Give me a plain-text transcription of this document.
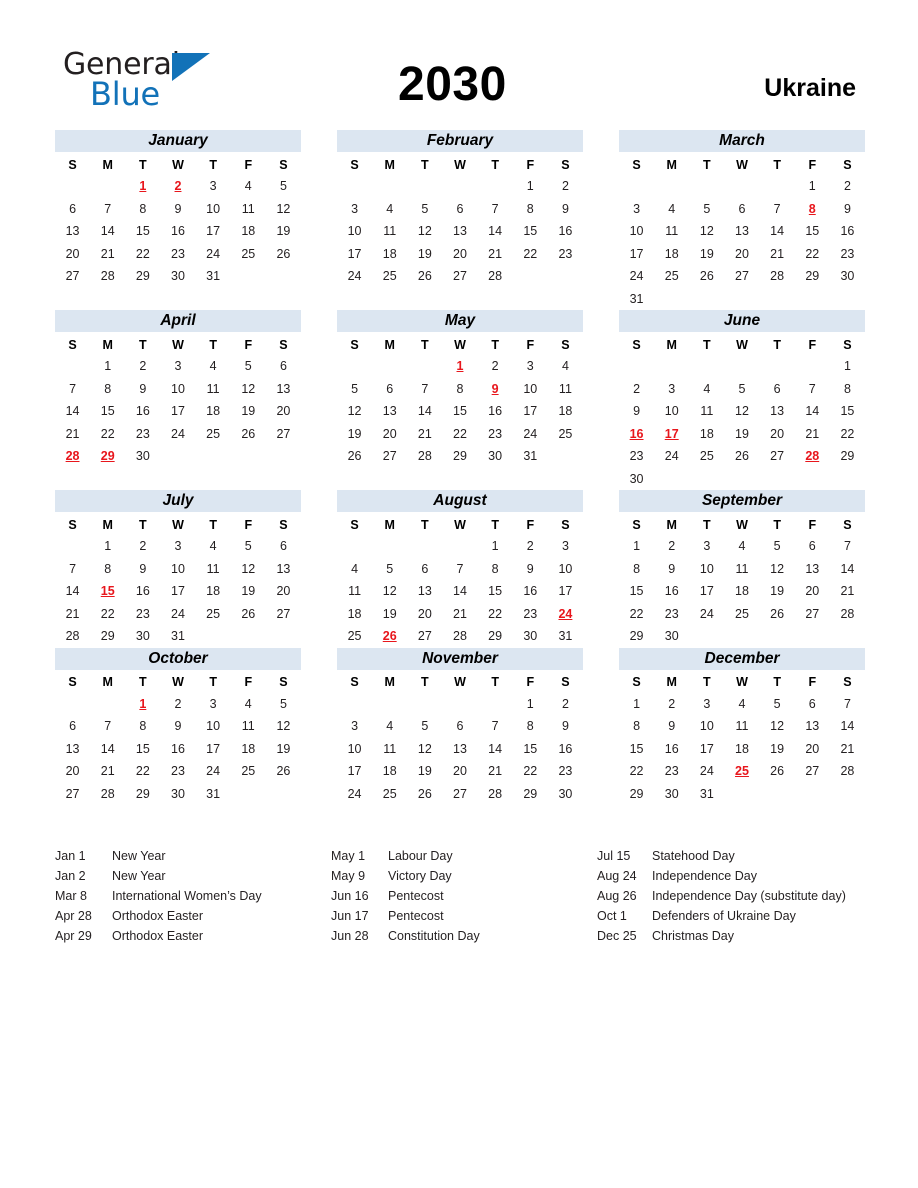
General
Blue	2030	Ukraine
January
S	M	T	W	T	F	S
		1	2	3	4	5
6	7	8	9	10	11	12
13	14	15	16	17	18	19
20	21	22	23	24	25	26
27	28	29	30	31		
February
S	M	T	W	T	F	S
					1	2
3	4	5	6	7	8	9
10	11	12	13	14	15	16
17	18	19	20	21	22	23
24	25	26	27	28		
March
S	M	T	W	T	F	S
					1	2
3	4	5	6	7	8	9
10	11	12	13	14	15	16
17	18	19	20	21	22	23
24	25	26	27	28	29	30
31						
April
S	M	T	W	T	F	S
	1	2	3	4	5	6
7	8	9	10	11	12	13
14	15	16	17	18	19	20
21	22	23	24	25	26	27
28	29	30				
May
S	M	T	W	T	F	S
			1	2	3	4
5	6	7	8	9	10	11
12	13	14	15	16	17	18
19	20	21	22	23	24	25
26	27	28	29	30	31	
June
S	M	T	W	T	F	S
						1
2	3	4	5	6	7	8
9	10	11	12	13	14	15
16	17	18	19	20	21	22
23	24	25	26	27	28	29
30						
July
S	M	T	W	T	F	S
	1	2	3	4	5	6
7	8	9	10	11	12	13
14	15	16	17	18	19	20
21	22	23	24	25	26	27
28	29	30	31			
August
S	M	T	W	T	F	S
				1	2	3
4	5	6	7	8	9	10
11	12	13	14	15	16	17
18	19	20	21	22	23	24
25	26	27	28	29	30	31
September
S	M	T	W	T	F	S
1	2	3	4	5	6	7
8	9	10	11	12	13	14
15	16	17	18	19	20	21
22	23	24	25	26	27	28
29	30					
October
S	M	T	W	T	F	S
		1	2	3	4	5
6	7	8	9	10	11	12
13	14	15	16	17	18	19
20	21	22	23	24	25	26
27	28	29	30	31		
November
S	M	T	W	T	F	S
					1	2
3	4	5	6	7	8	9
10	11	12	13	14	15	16
17	18	19	20	21	22	23
24	25	26	27	28	29	30
December
S	M	T	W	T	F	S
1	2	3	4	5	6	7
8	9	10	11	12	13	14
15	16	17	18	19	20	21
22	23	24	25	26	27	28
29	30	31				
Jan 1	New Year
Jan 2	New Year
Mar 8	International Women’s Day
Apr 28	Orthodox Easter
Apr 29	Orthodox Easter
May 1	Labour Day
May 9	Victory Day
Jun 16	Pentecost
Jun 17	Pentecost
Jun 28	Constitution Day
Jul 15	Statehood Day
Aug 24	Independence Day
Aug 26	Independence Day (substitute day)
Oct 1	Defenders of Ukraine Day
Dec 25	Christmas Day
